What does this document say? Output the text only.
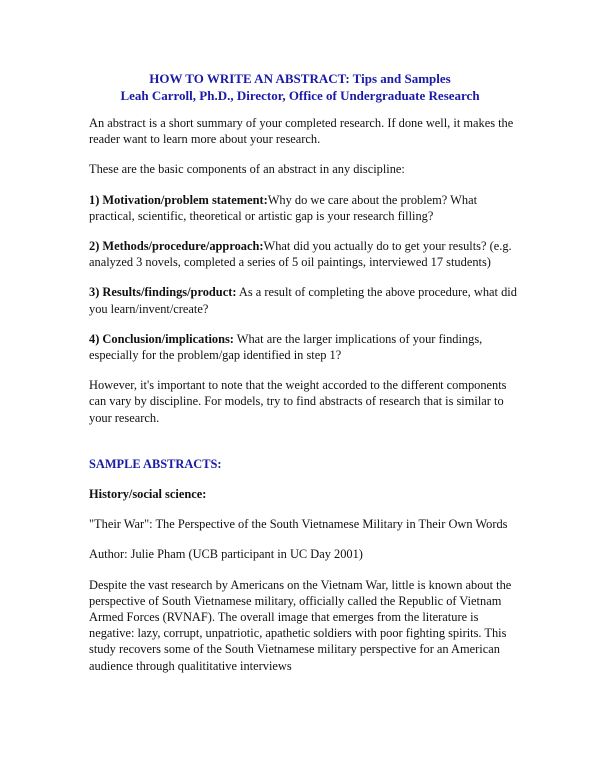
HOW TO WRITE AN ABSTRACT: Tips and Samples
Leah Carroll, Ph.D., Director, Office of Undergraduate Research

An abstract is a short summary of your completed research. If done well, it makes the reader want to learn more about your research.

These are the basic components of an abstract in any discipline:

1) Motivation/problem statement:Why do we care about the problem? What practical, scientific, theoretical or artistic gap is your research filling?

2) Methods/procedure/approach:What did you actually do to get your results? (e.g. analyzed 3 novels, completed a series of 5 oil paintings, interviewed 17 students)

3) Results/findings/product: As a result of completing the above procedure, what did you learn/invent/create?

4) Conclusion/implications: What are the larger implications of your findings, especially for the problem/gap identified in step 1?

However, it's important to note that the weight accorded to the different components can vary by discipline. For models, try to find abstracts of research that is similar to your research.

SAMPLE ABSTRACTS:

History/social science:

"Their War": The Perspective of the South Vietnamese Military in Their Own Words

Author: Julie Pham (UCB participant in UC Day 2001)

Despite the vast research by Americans on the Vietnam War, little is known about the perspective of South Vietnamese military, officially called the Republic of Vietnam Armed Forces (RVNAF). The overall image that emerges from the literature is negative: lazy, corrupt, unpatriotic, apathetic soldiers with poor fighting spirits. This study recovers some of the South Vietnamese military perspective for an American audience through qualititative interviews
